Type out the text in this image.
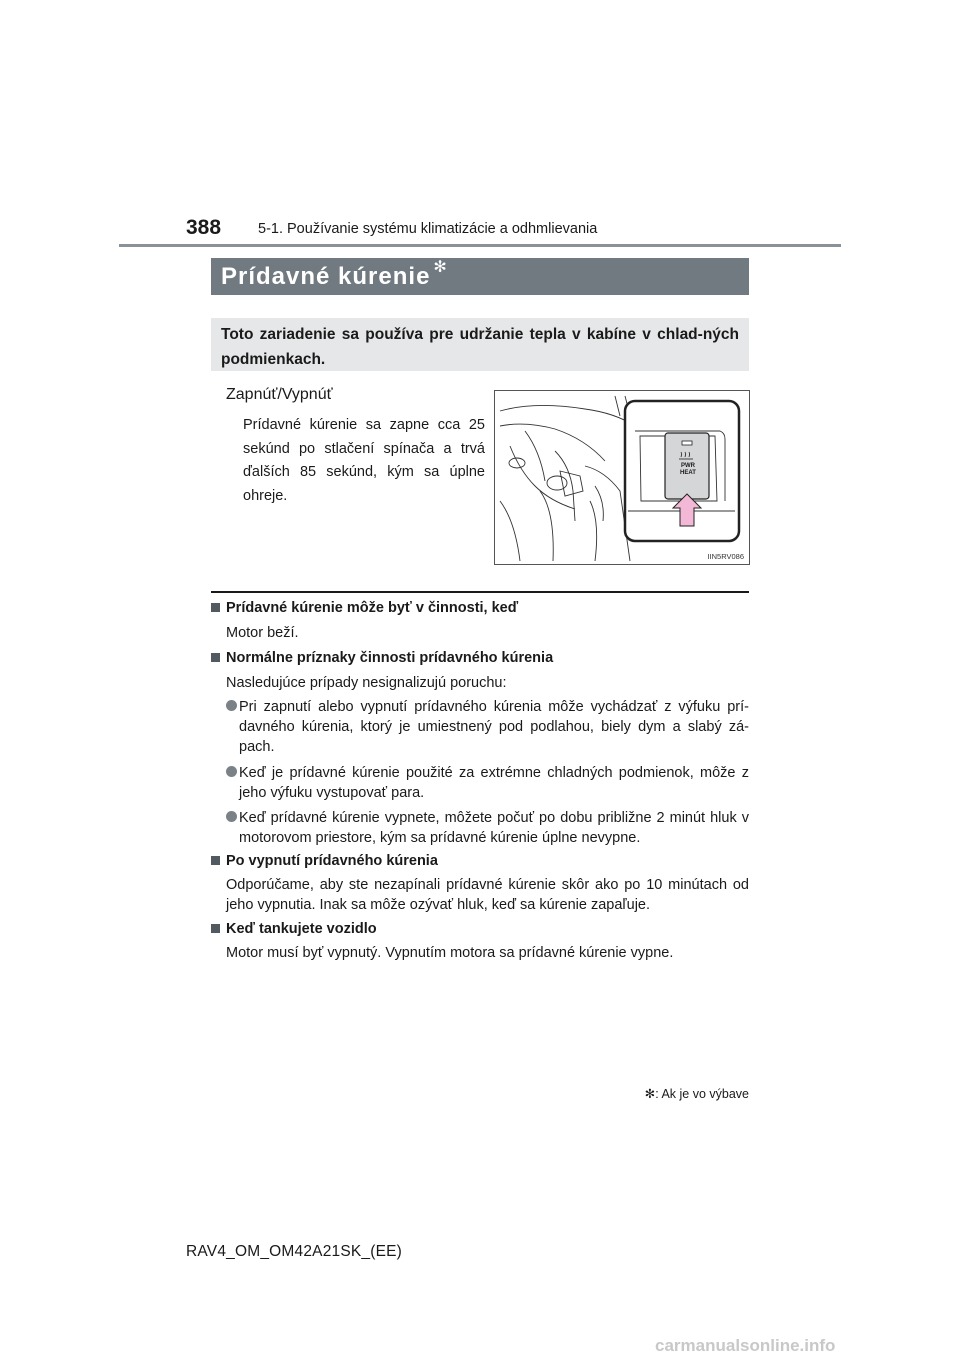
388	5-1. Používanie systému klimatizácie a odhmlievania
Prídavné kúrenie ✻
Toto zariadenie sa používa pre udržanie tepla v kabíne v chlad-ných podmienkach.
Zapnúť/Vypnúť
Prídavné kúrenie sa zapne cca 25 sekúnd po stlačení spínača a trvá ďalších 85 sekúnd, kým sa úplne ohreje.
PWR
HEAT
IIN5RV086
Prídavné kúrenie môže byť v činnosti, keď
Motor beží.
Normálne príznaky činnosti prídavného kúrenia
Nasledujúce prípady nesignalizujú poruchu:
Pri zapnutí alebo vypnutí prídavného kúrenia môže vychádzať z výfuku prí-davného kúrenia, ktorý je umiestnený pod podlahou, biely dym a slabý zá-pach.
Keď je prídavné kúrenie použité za extrémne chladných podmienok, môže z jeho výfuku vystupovať para.
Keď prídavné kúrenie vypnete, môžete počuť po dobu približne 2 minút hluk v motorovom priestore, kým sa prídavné kúrenie úplne nevypne.
Po vypnutí prídavného kúrenia
Odporúčame, aby ste nezapínali prídavné kúrenie skôr ako po 10 minútach od jeho vypnutia. Inak sa môže ozývať hluk, keď sa kúrenie zapaľuje.
Keď tankujete vozidlo
Motor musí byť vypnutý. Vypnutím motora sa prídavné kúrenie vypne.
✻: Ak je vo výbave
RAV4_OM_OM42A21SK_(EE)
carmanualsonline.info
